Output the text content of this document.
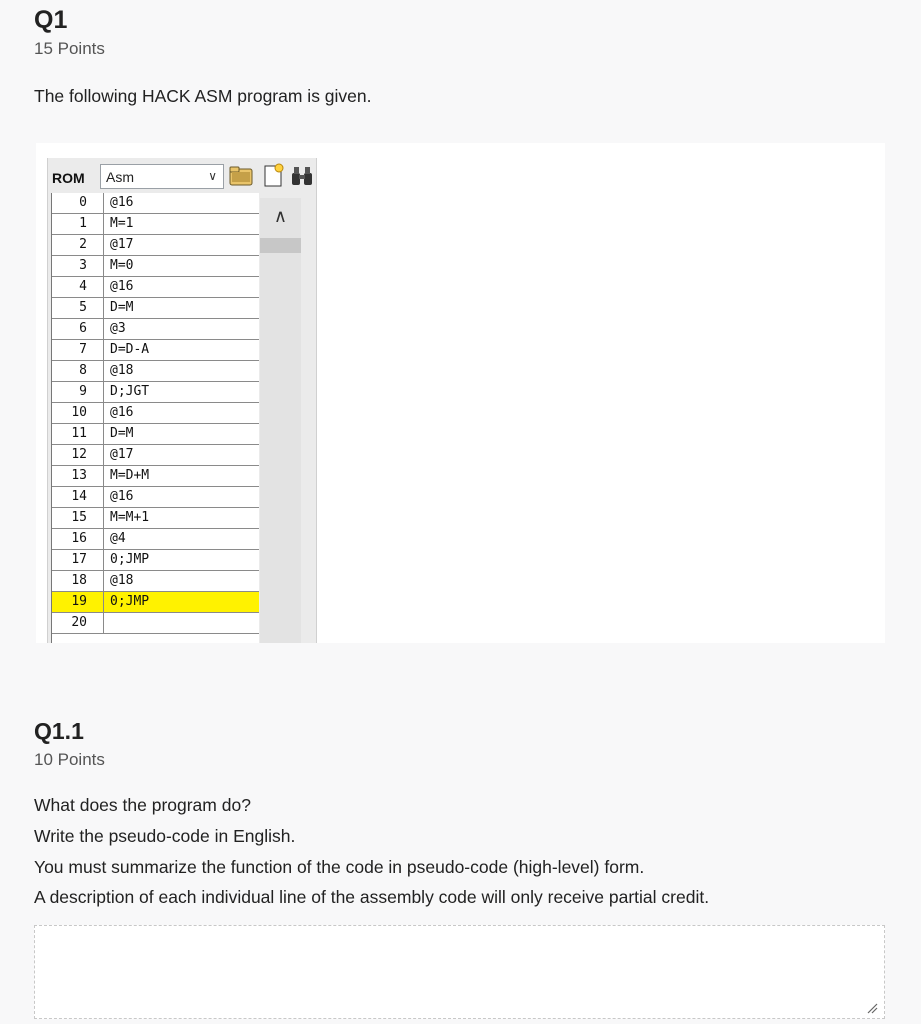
Q1
15 Points

The following HACK ASM program is given.

ROM Asm	∨
0	@16
1	M=1
2	@17
3	M=0
4	@16
5	D=M
6	@3
7	D=D-A
8	@18
9	D;JGT
10	@16
11	D=M
12	@17
13	M=D+M
14	@16
15	M=M+1
16	@4
17	0;JMP
18	@18
19	0;JMP
20
∧
Q1.1
10 Points

What does the program do?

Write the pseudo-code in English.

You must summarize the function of the code in pseudo-code (high-level) form.

A description of each individual line of the assembly code will only receive partial credit.
